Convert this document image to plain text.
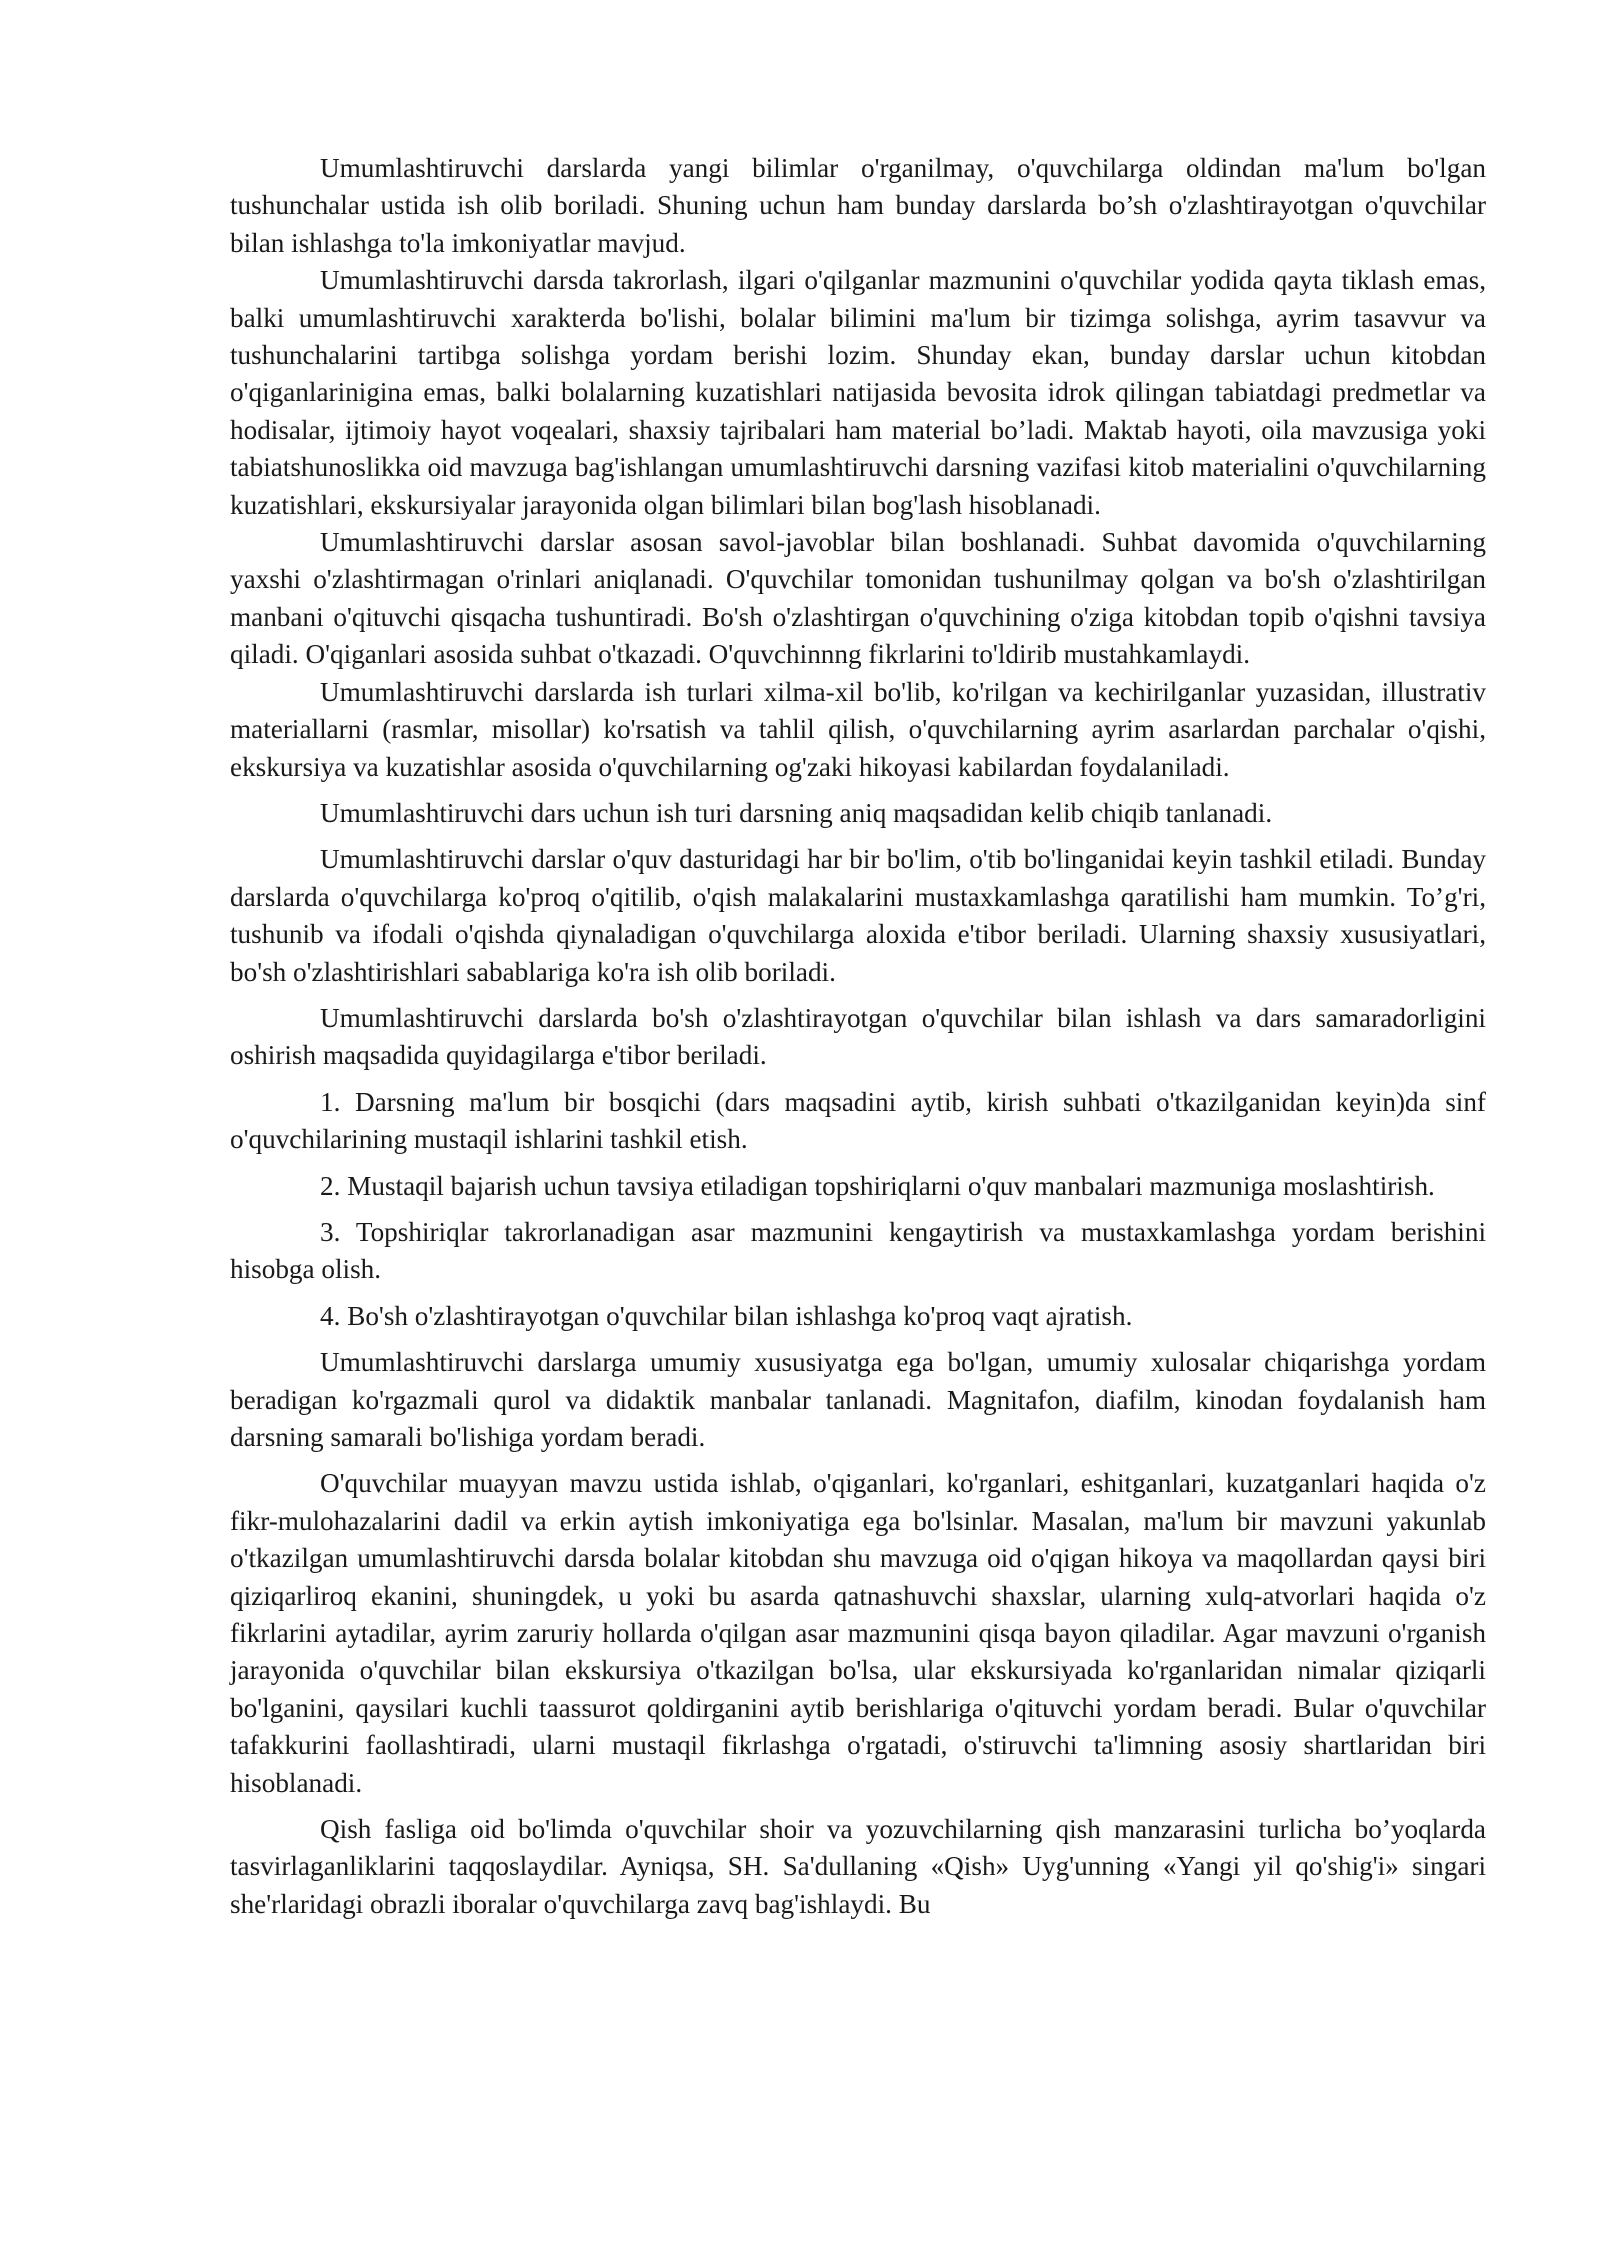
Umumlashtiruvchi darslarda yangi bilimlar o'rganilmay, o'quvchilarga oldindan ma'lum bo'lgan tushunchalar ustida ish olib boriladi. Shuning uchun ham bunday darslarda bo’sh o'zlashtirayotgan o'quvchilar bilan ishlashga to'la imkoniyatlar mavjud.

Umumlashtiruvchi darsda takrorlash, ilgari o'qilganlar mazmunini o'quvchilar yodida qayta tiklash emas, balki umumlashtiruvchi xarakterda bo'lishi, bolalar bilimini ma'lum bir tizimga solishga, ayrim tasavvur va tushunchalarini tartibga solishga yordam berishi lozim. Shunday ekan, bunday darslar uchun kitobdan o'qiganlarinigina emas, balki bolalarning kuzatishlari natijasida bevosita idrok qilingan tabiatdagi predmetlar va hodisalar, ijtimoiy hayot voqealari, shaxsiy tajribalari ham material bo’ladi. Maktab hayoti, oila mavzusiga yoki tabiatshunoslikka oid mavzuga bag'ishlangan umumlashtiruvchi darsning vazifasi kitob materialini o'quvchilarning kuzatishlari, ekskursiyalar jarayonida olgan bilimlari bilan bog'lash hisoblanadi.

Umumlashtiruvchi darslar asosan savol-javoblar bilan boshlanadi. Suhbat davomida o'quvchilarning yaxshi o'zlashtirmagan o'rinlari aniqlanadi. O'quvchilar tomonidan tushunilmay qolgan va bo'sh o'zlashtirilgan manbani o'qituvchi qisqacha tushuntiradi. Bo'sh o'zlashtirgan o'quvchining o'ziga kitobdan topib o'qishni tavsiya qiladi. O'qiganlari asosida suhbat o'tkazadi. O'quvchinnng fikrlarini to'ldirib mustahkamlaydi.

Umumlashtiruvchi darslarda ish turlari xilma-xil bo'lib, ko'rilgan va kechirilganlar yuzasidan, illustrativ materiallarni (rasmlar, misollar) ko'rsatish va tahlil qilish, o'quvchilarning ayrim asarlardan parchalar o'qishi, ekskursiya va kuzatishlar asosida o'quvchilarning og'zaki hikoyasi kabilardan foydalaniladi.

Umumlashtiruvchi dars uchun ish turi darsning aniq maqsadidan kelib chiqib tanlanadi.

Umumlashtiruvchi darslar o'quv dasturidagi har bir bo'lim, o'tib bo'linganidai keyin tashkil etiladi. Bunday darslarda o'quvchilarga ko'proq o'qitilib, o'qish malakalarini mustaxkamlashga qaratilishi ham mumkin. To’g'ri, tushunib va ifodali o'qishda qiynaladigan o'quvchilarga aloxida e'tibor beriladi. Ularning shaxsiy xususiyatlari, bo'sh o'zlashtirishlari sabablariga ko'ra ish olib boriladi.

Umumlashtiruvchi darslarda bo'sh o'zlashtirayotgan o'quvchilar bilan ishlash va dars samaradorligini oshirish maqsadida quyidagilarga e'tibor beriladi.

1. Darsning ma'lum bir bosqichi (dars maqsadini aytib, kirish suhbati o'tkazilganidan keyin)da sinf o'quvchilarining mustaqil ishlarini tashkil etish.

2. Mustaqil bajarish uchun tavsiya etiladigan topshiriqlarni o'quv manbalari mazmuniga moslashtirish.

3. Topshiriqlar takrorlanadigan asar mazmunini kengaytirish va mustaxkamlashga yordam berishini hisobga olish.

4. Bo'sh o'zlashtirayotgan o'quvchilar bilan ishlashga ko'proq vaqt ajratish.

Umumlashtiruvchi darslarga umumiy xususiyatga ega bo'lgan, umumiy xulosalar chiqarishga yordam beradigan ko'rgazmali qurol va didaktik manbalar tanlanadi. Magnitafon, diafilm, kinodan foydalanish ham darsning samarali bo'lishiga yordam beradi.

O'quvchilar muayyan mavzu ustida ishlab, o'qiganlari, ko'rganlari, eshitganlari, kuzatganlari haqida o'z fikr-mulohazalarini dadil va erkin aytish imkoniyatiga ega bo'lsinlar. Masalan, ma'lum bir mavzuni yakunlab o'tkazilgan umumlashtiruvchi darsda bolalar kitobdan shu mavzuga oid o'qigan hikoya va maqollardan qaysi biri qiziqarliroq ekanini, shuningdek, u yoki bu asarda qatnashuvchi shaxslar, ularning xulq-atvorlari haqida o'z fikrlarini aytadilar, ayrim zaruriy hollarda o'qilgan asar mazmunini qisqa bayon qiladilar. Agar mavzuni o'rganish jarayonida o'quvchilar bilan ekskursiya o'tkazilgan bo'lsa, ular ekskursiyada ko'rganlaridan nimalar qiziqarli bo'lganini, qaysilari kuchli taassurot qoldirganini aytib berishlariga o'qituvchi yordam beradi. Bular o'quvchilar tafakkurini faollashtiradi, ularni mustaqil fikrlashga o'rgatadi, o'stiruvchi ta'limning asosiy shartlaridan biri hisoblanadi.

Qish fasliga oid bo'limda o'quvchilar shoir va yozuvchilarning qish manzarasini turlicha bo’yoqlarda tasvirlaganliklarini taqqoslaydilar. Ayniqsa, SH. Sa'dullaning «Qish» Uyg'unning «Yangi yil qo'shig'i» singari she'rlaridagi obrazli iboralar o'quvchilarga zavq bag'ishlaydi. Bu
